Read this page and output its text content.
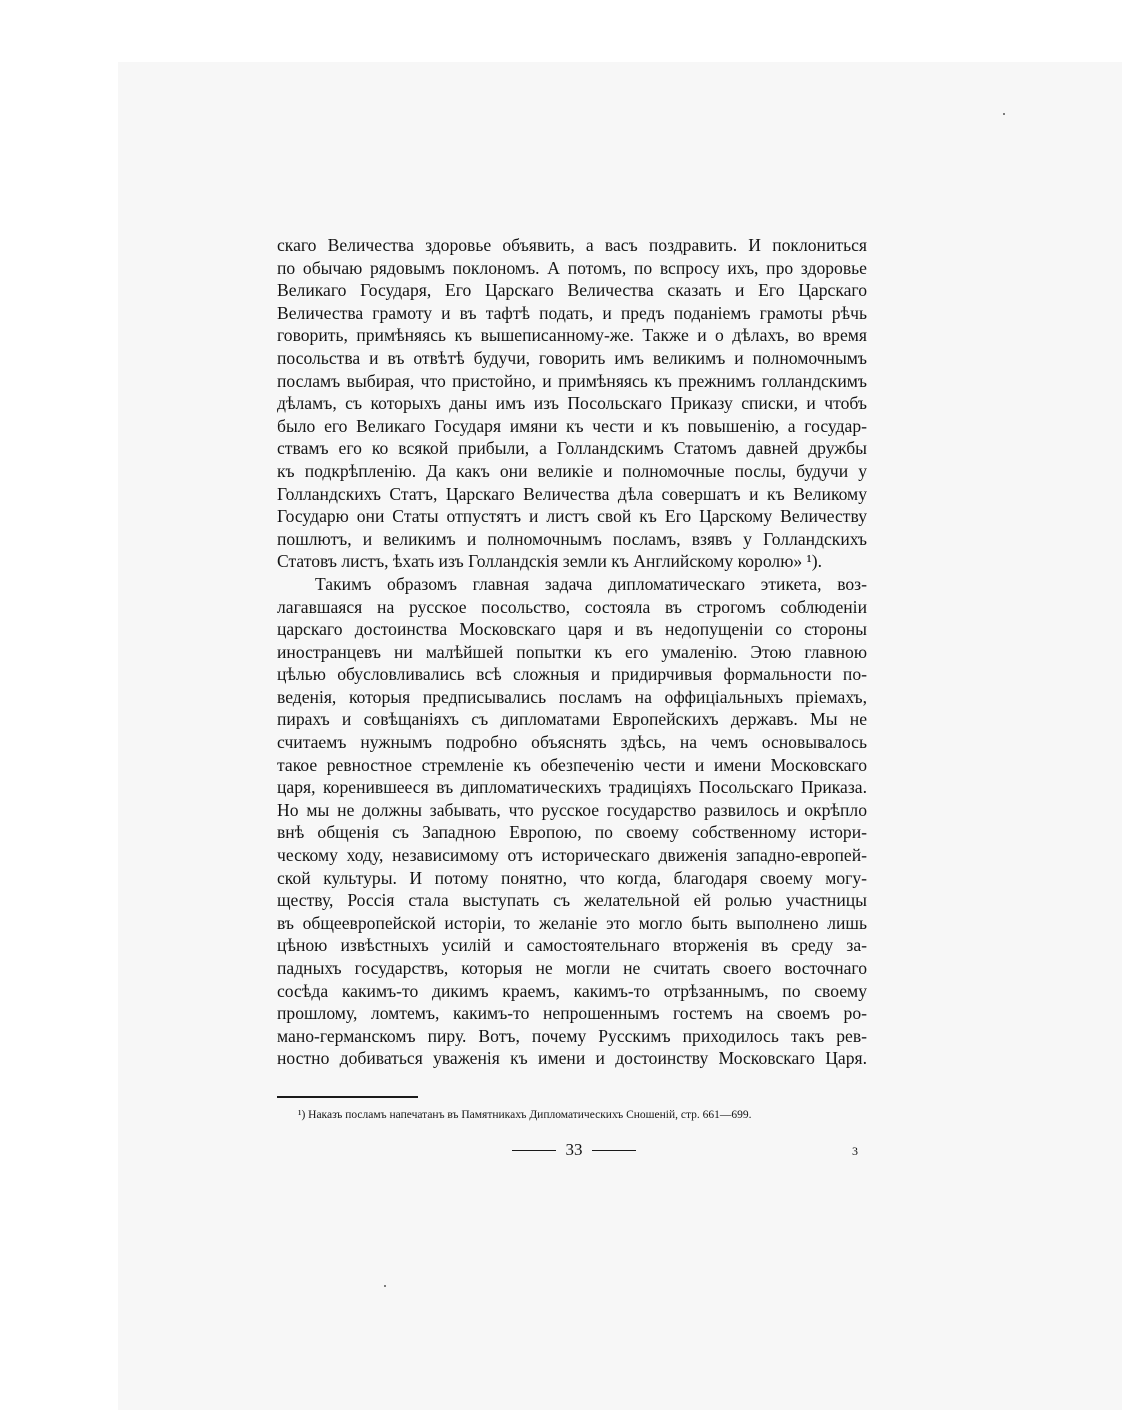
скаго Величества здоровье объявить, а васъ поздравить. И поклониться
по обычаю рядовымъ поклономъ. А потомъ, по вспросу ихъ, про здоровье
Великаго Государя, Его Царскаго Величества сказать и Его Царскаго
Величества грамоту и въ тафтѣ подать, и предъ поданіемъ грамоты рѣчь
говорить, примѣняясь къ вышеписанному-же. Также и о дѣлахъ, во время
посольства и въ отвѣтѣ будучи, говорить имъ великимъ и полномочнымъ
посламъ выбирая, что пристойно, и примѣняясь къ прежнимъ голландскимъ
дѣламъ, съ которыхъ даны имъ изъ Посольскаго Приказу списки, и чтобъ
было его Великаго Государя имяни къ чести и къ повышенію, а государ-
ствамъ его ко всякой прибыли, а Голландскимъ Статомъ давней дружбы
къ подкрѣпленію. Да какъ они великіе и полномочные послы, будучи у
Голландскихъ Статъ, Царскаго Величества дѣла совершатъ и къ Великому
Государю они Статы отпустятъ и листъ свой къ Его Царскому Величеству
пошлютъ, и великимъ и полномочнымъ посламъ, взявъ у Голландскихъ
Статовъ листъ, ѣхать изъ Голландскія земли къ Английскому королю» ¹).
Такимъ образомъ главная задача дипломатическаго этикета, воз-
лагавшаяся на русское посольство, состояла въ строгомъ соблюденіи
царскаго достоинства Московскаго царя и въ недопущеніи со стороны
иностранцевъ ни малѣйшей попытки къ его умаленію. Этою главною
цѣлью обусловливались всѣ сложныя и придирчивыя формальности по-
веденія, которыя предписывались посламъ на оффиціальныхъ пріемахъ,
пирахъ и совѣщаніяхъ съ дипломатами Европейскихъ державъ. Мы не
считаемъ нужнымъ подробно объяснять здѣсь, на чемъ основывалось
такое ревностное стремленіе къ обезпеченію чести и имени Московскаго
царя, коренившееся въ дипломатическихъ традиціяхъ Посольскаго Приказа.
Но мы не должны забывать, что русское государство развилось и окрѣпло
внѣ общенія съ Западною Европою, по своему собственному истори-
ческому ходу, независимому отъ историческаго движенія западно-европей-
ской культуры. И потому понятно, что когда, благодаря своему могу-
ществу, Россія стала выступать съ желательной ей ролью участницы
въ общеевропейской исторіи, то желаніе это могло быть выполнено лишь
цѣною извѣстныхъ усилій и самостоятельнаго вторженія въ среду за-
падныхъ государствъ, которыя не могли не считать своего восточнаго
сосѣда какимъ-то дикимъ краемъ, какимъ-то отрѣзаннымъ, по своему
прошлому, ломтемъ, какимъ-то непрошеннымъ гостемъ на своемъ ро-
мано-германскомъ пиру. Вотъ, почему Русскимъ приходилось такъ рев-
ностно добиваться уваженія къ имени и достоинству Московскаго Царя.
¹) Наказъ посламъ напечатанъ въ Памятникахъ Дипломатическихъ Сношеній, стр. 661—699.
33	3
